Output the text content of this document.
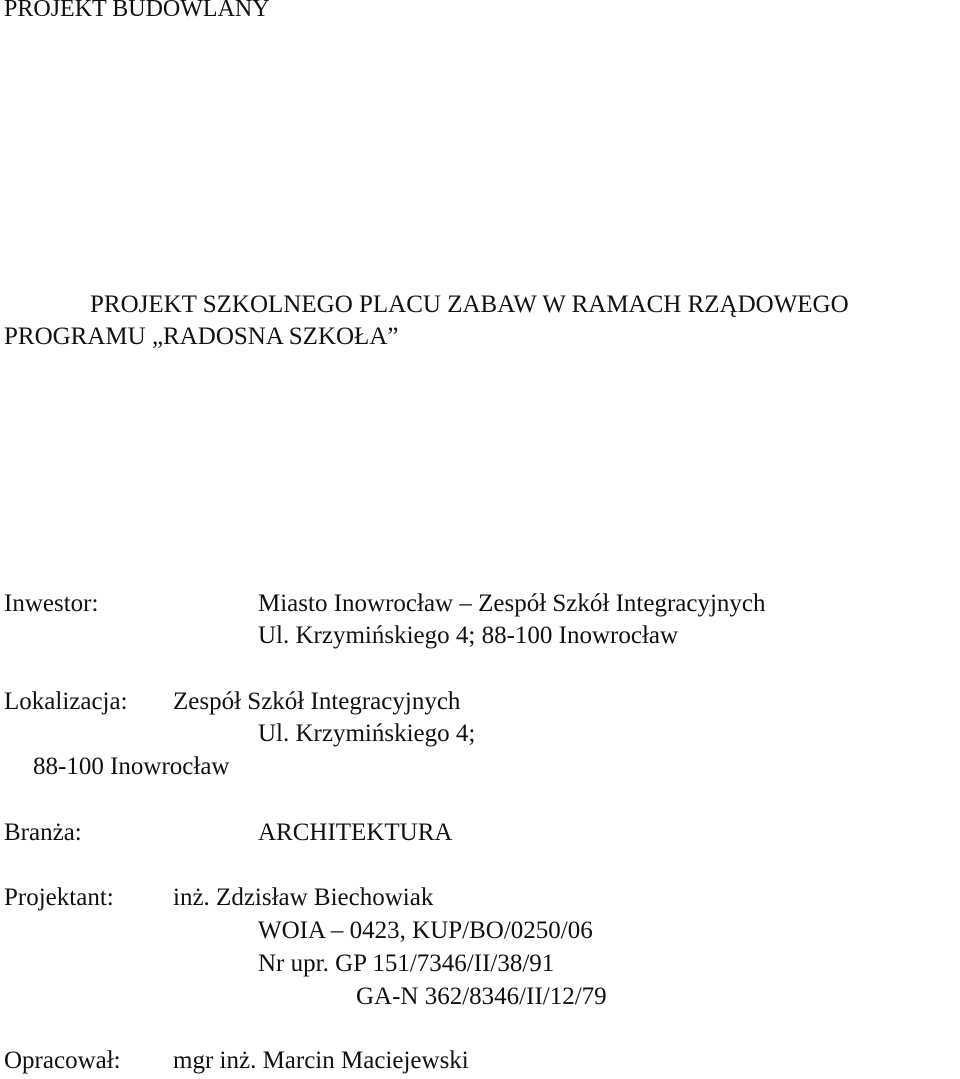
PROJEKT BUDOWLANY

PROJEKT SZKOLNEGO PLACU ZABAW W RAMACH RZĄDOWEGO

PROGRAMU „RADOSNA SZKOŁA”

Inwestor:	Miasto Inowrocław – Zespół Szkół Integracyjnych

Ul. Krzymińskiego 4; 88-100 Inowrocław

Lokalizacja: Zespół Szkół Integracyjnych

Ul. Krzymińskiego 4;

88-100 Inowrocław

Branża:	ARCHITEKTURA

Projektant: inż. Zdzisław Biechowiak

WOIA – 0423, KUP/BO/0250/06

Nr upr. GP 151/7346/II/38/91

GA-N 362/8346/II/12/79

Opracował: mgr inż. Marcin Maciejewski
